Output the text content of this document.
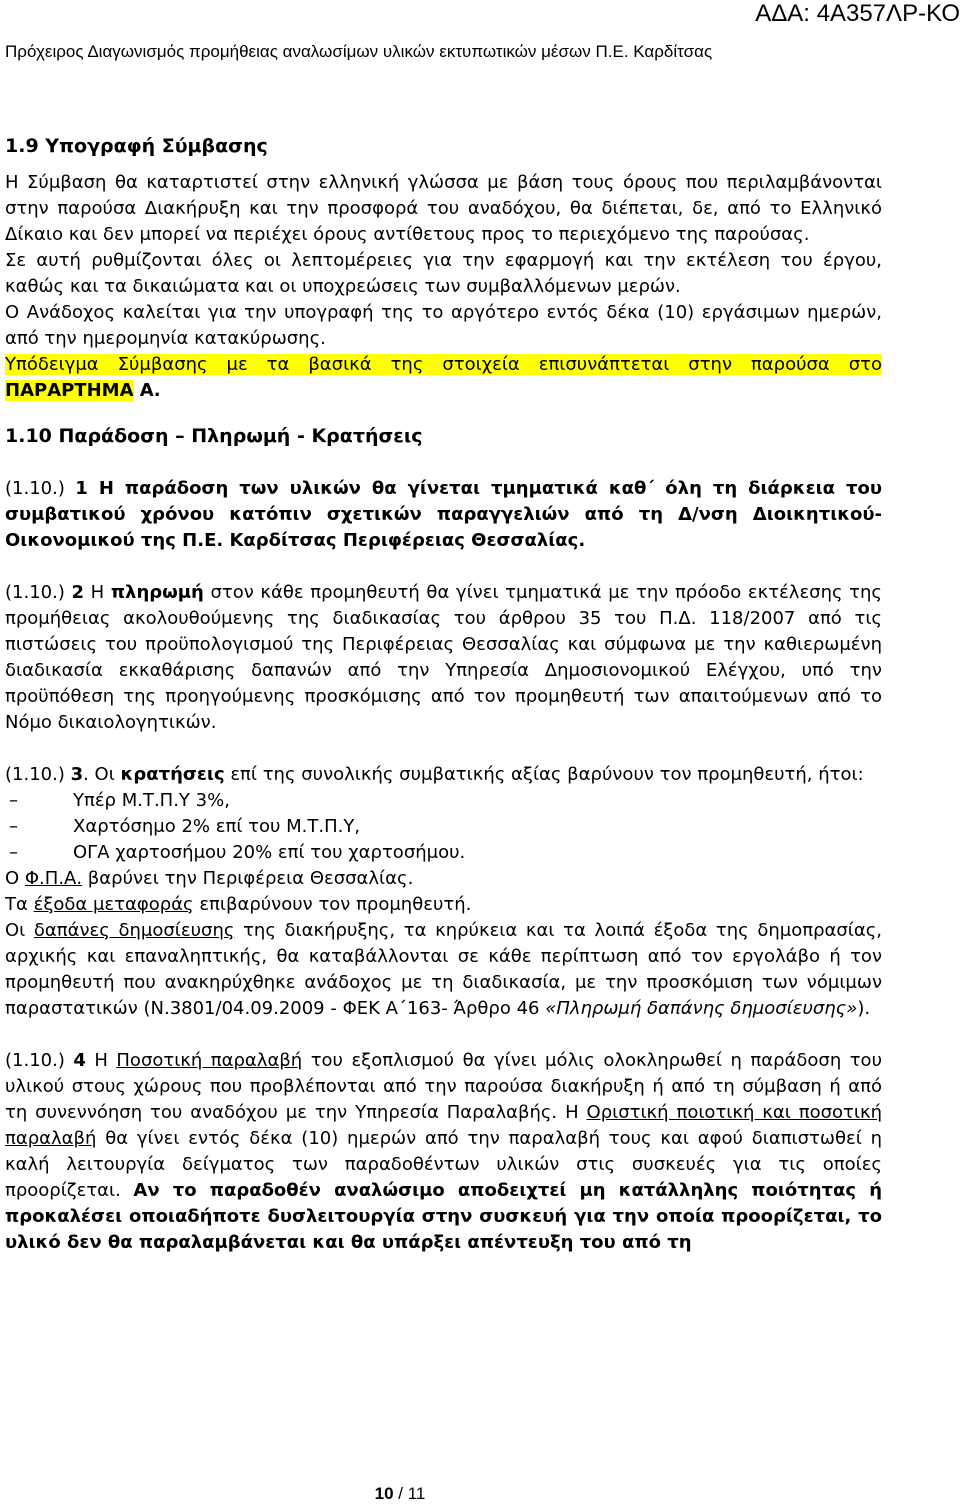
ΑΔΑ: 4Α357ΛΡ-ΚΟ
Πρόχειρος Διαγωνισμός προμήθειας αναλωσίμων υλικών εκτυπωτικών μέσων Π.Ε. Καρδίτσας
1.9 Υπογραφή Σύμβασης

Η Σύμβαση θα καταρτιστεί στην ελληνική γλώσσα με βάση τους όρους που περιλαμβάνονται στην παρούσα Διακήρυξη και την προσφορά του αναδόχου, θα διέπεται, δε, από το Ελληνικό Δίκαιο και δεν μπορεί να περιέχει όρους αντίθετους προς το περιεχόμενο της παρούσας.

Σε αυτή ρυθμίζονται όλες οι λεπτομέρειες για την εφαρμογή και την εκτέλεση του έργου, καθώς και τα δικαιώματα και οι υποχρεώσεις των συμβαλλόμενων μερών.

Ο Ανάδοχος καλείται για την υπογραφή της το αργότερο εντός δέκα (10) εργάσιμων ημερών, από την ημερομηνία κατακύρωσης.

Υπόδειγμα Σύμβασης με τα βασικά της στοιχεία επισυνάπτεται στην παρούσα στο ΠΑΡΑΡΤΗΜΑ Α.

1.10 Παράδοση – Πληρωμή - Κρατήσεις

(1.10.) 1 Η παράδοση των υλικών θα γίνεται τμηματικά καθ΄ όλη τη διάρκεια του συμβατικού χρόνου κατόπιν σχετικών παραγγελιών από τη Δ/νση Διοικητικού-Οικονομικού της Π.Ε. Καρδίτσας Περιφέρειας Θεσσαλίας.

(1.10.) 2 Η πληρωμή στον κάθε προμηθευτή θα γίνει τμηματικά με την πρόοδο εκτέλεσης της προμήθειας ακολουθούμενης της διαδικασίας του άρθρου 35 του Π.Δ. 118/2007 από τις πιστώσεις του προϋπολογισμού της Περιφέρειας Θεσσαλίας και σύμφωνα με την καθιερωμένη διαδικασία εκκαθάρισης δαπανών από την Υπηρεσία Δημοσιονομικού Ελέγχου, υπό την προϋπόθεση της προηγούμενης προσκόμισης από τον προμηθευτή των απαιτούμενων από το Νόμο δικαιολογητικών.

(1.10.) 3. Οι κρατήσεις επί της συνολικής συμβατικής αξίας βαρύνουν τον προμηθευτή, ήτοι:

– Υπέρ Μ.Τ.Π.Υ 3%,
– Χαρτόσημο 2% επί του Μ.Τ.Π.Υ,
– ΟΓΑ χαρτοσήμου 20% επί του χαρτοσήμου.

Ο Φ.Π.Α. βαρύνει την Περιφέρεια Θεσσαλίας.

Τα έξοδα μεταφοράς επιβαρύνουν τον προμηθευτή.

Οι δαπάνες δημοσίευσης της διακήρυξης, τα κηρύκεια και τα λοιπά έξοδα της δημοπρασίας, αρχικής και επαναληπτικής, θα καταβάλλονται σε κάθε περίπτωση από τον εργολάβο ή τον προμηθευτή που ανακηρύχθηκε ανάδοχος με τη διαδικασία, με την προσκόμιση των νόμιμων παραστατικών (Ν.3801/04.09.2009 - ΦΕΚ Α΄163- Άρθρο 46 «Πληρωμή δαπάνης δημοσίευσης»).

(1.10.) 4 Η Ποσοτική παραλαβή του εξοπλισμού θα γίνει μόλις ολοκληρωθεί η παράδοση του υλικού στους χώρους που προβλέπονται από την παρούσα διακήρυξη ή από τη σύμβαση ή από τη συνεννόηση του αναδόχου με την Υπηρεσία Παραλαβής. Η Οριστική ποιοτική και ποσοτική παραλαβή θα γίνει εντός δέκα (10) ημερών από την παραλαβή τους και αφού διαπιστωθεί η καλή λειτουργία δείγματος των παραδοθέντων υλικών στις συσκευές για τις οποίες προορίζεται. Αν το παραδοθέν αναλώσιμο αποδειχτεί μη κατάλληλης ποιότητας ή προκαλέσει οποιαδήποτε δυσλειτουργία στην συσκευή για την οποία προορίζεται, το υλικό δεν θα παραλαμβάνεται και θα υπάρξει απέντευξη του από τη

10 / 11
